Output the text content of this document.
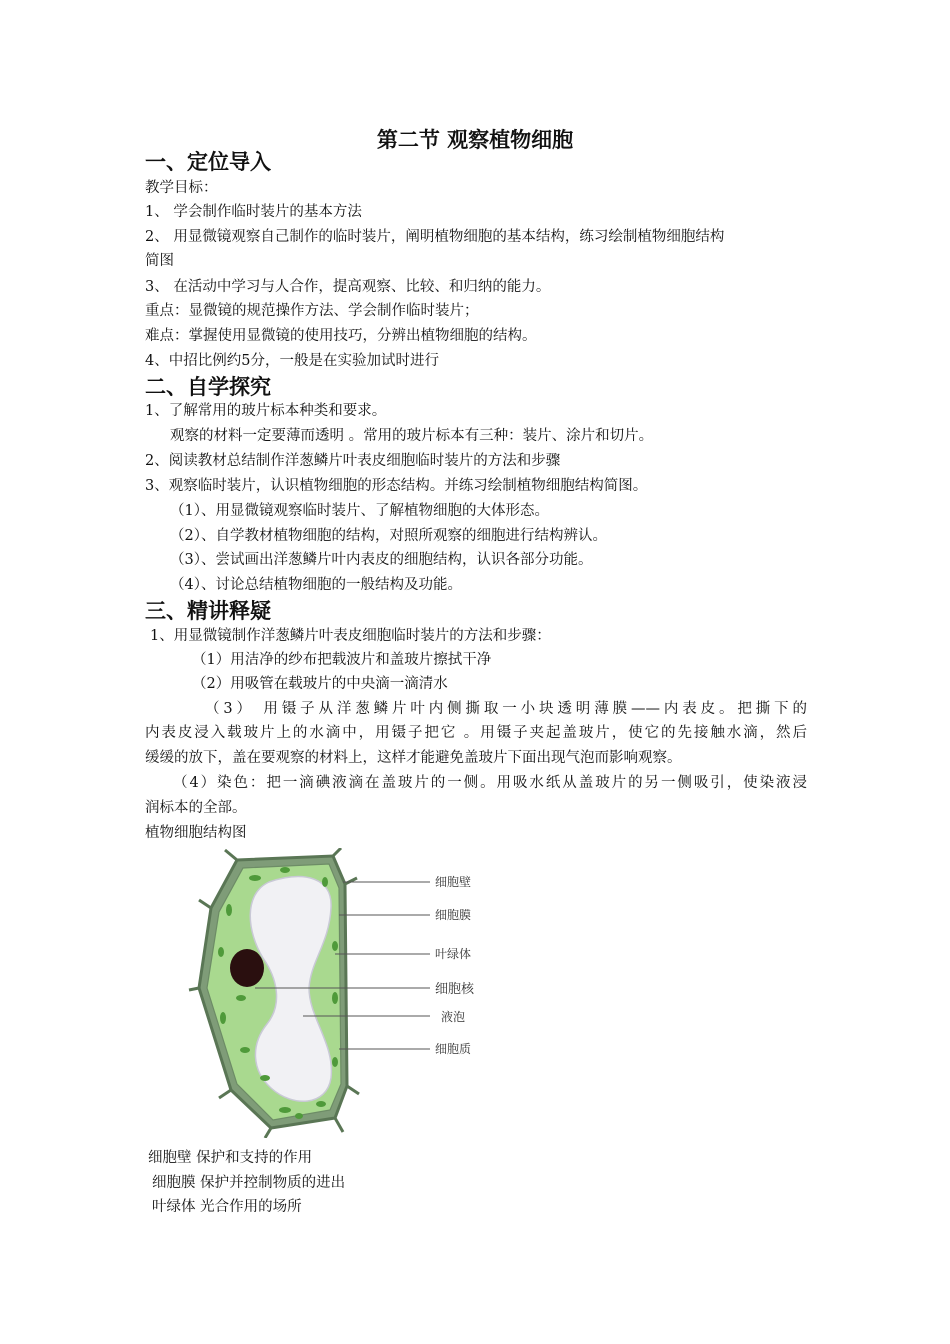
第二节 观察植物细胞
一、定位导入
教学目标：
1、 学会制作临时装片的基本方法
2、 用显微镜观察自己制作的临时装片，阐明植物细胞的基本结构，练习绘制植物细胞结构
简图
3、 在活动中学习与人合作，提高观察、比较、和归纳的能力。
重点：显微镜的规范操作方法、学会制作临时装片；
难点：掌握使用显微镜的使用技巧，分辨出植物细胞的结构。
4、中招比例约5分，一般是在实验加试时进行
二、自学探究
1、了解常用的玻片标本种类和要求。
观察的材料一定要薄而透明 。常用的玻片标本有三种：装片、涂片和切片。
2、阅读教材总结制作洋葱鳞片叶表皮细胞临时装片的方法和步骤
3、观察临时装片，认识植物细胞的形态结构。并练习绘制植物细胞结构简图。
（1）、用显微镜观察临时装片、了解植物细胞的大体形态。
（2）、自学教材植物细胞的结构，对照所观察的细胞进行结构辨认。
（3）、尝试画出洋葱鳞片叶内表皮的细胞结构，认识各部分功能。
（4）、讨论总结植物细胞的一般结构及功能。
三、精讲释疑
1、用显微镜制作洋葱鳞片叶表皮细胞临时装片的方法和步骤：
（1）用洁净的纱布把载波片和盖玻片擦拭干净
（2）用吸管在载玻片的中央滴一滴清水
（3） 用镊子从洋葱鳞片叶内侧撕取一小块透明薄膜——内表皮。把撕下的
内表皮浸入载玻片上的水滴中，用镊子把它 。用镊子夹起盖玻片，使它的先接触水滴，然后
缓缓的放下，盖在要观察的材料上，这样才能避免盖玻片下面出现气泡而影响观察。
（4）染色：把一滴碘液滴在盖玻片的一侧。用吸水纸从盖玻片的另一侧吸引，使染液浸
润标本的全部。
植物细胞结构图
细胞壁
细胞膜
叶绿体
细胞核
液泡
细胞质
细胞壁 保护和支持的作用
细胞膜 保护并控制物质的进出
叶绿体 光合作用的场所
